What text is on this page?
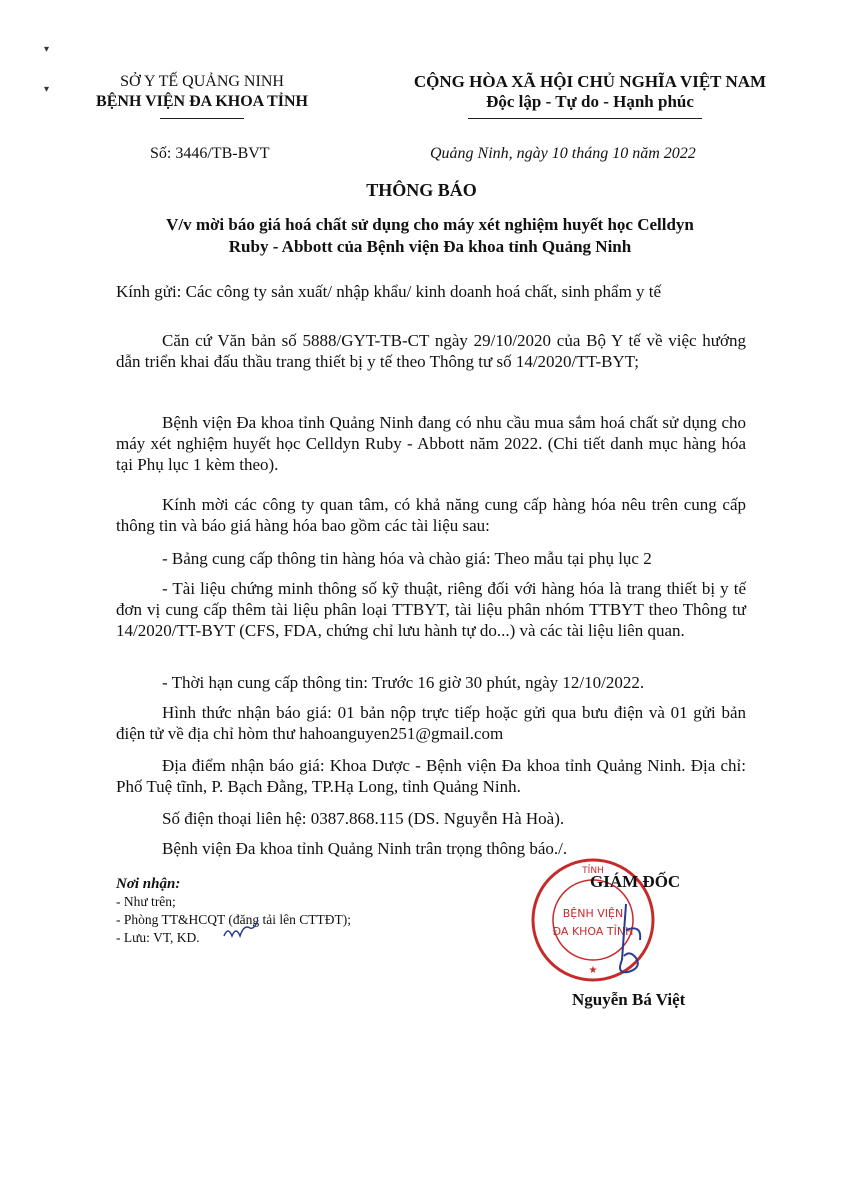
▾
▾	SỞ Y TẾ QUẢNG NINH
BỆNH VIỆN ĐA KHOA TỈNH
CỘNG HÒA XÃ HỘI CHỦ NGHĨA VIỆT NAM
Độc lập - Tự do - Hạnh phúc
Số: 3446/TB-BVT	Quảng Ninh, ngày 10 tháng 10 năm 2022
THÔNG BÁO
V/v mời báo giá hoá chất sử dụng cho máy xét nghiệm huyết học Celldyn Ruby - Abbott của Bệnh viện Đa khoa tỉnh Quảng Ninh
Kính gửi: Các công ty sản xuất/ nhập khẩu/ kinh doanh hoá chất, sinh phẩm y tế

Căn cứ Văn bản số 5888/GYT-TB-CT ngày 29/10/2020 của Bộ Y tế về việc hướng dẫn triển khai đấu thầu trang thiết bị y tế theo Thông tư số 14/2020/TT-BYT;

Bệnh viện Đa khoa tỉnh Quảng Ninh đang có nhu cầu mua sắm hoá chất sử dụng cho máy xét nghiệm huyết học Celldyn Ruby - Abbott năm 2022. (Chi tiết danh mục hàng hóa tại Phụ lục 1 kèm theo).

Kính mời các công ty quan tâm, có khả năng cung cấp hàng hóa nêu trên cung cấp thông tin và báo giá hàng hóa bao gồm các tài liệu sau:

- Bảng cung cấp thông tin hàng hóa và chào giá: Theo mẫu tại phụ lục 2

- Tài liệu chứng minh thông số kỹ thuật, riêng đối với hàng hóa là trang thiết bị y tế đơn vị cung cấp thêm tài liệu phân loại TTBYT, tài liệu phân nhóm TTBYT theo Thông tư 14/2020/TT-BYT (CFS, FDA, chứng chỉ lưu hành tự do...) và các tài liệu liên quan.

- Thời hạn cung cấp thông tin: Trước 16 giờ 30 phút, ngày 12/10/2022.

Hình thức nhận báo giá: 01 bản nộp trực tiếp hoặc gửi qua bưu điện và 01 gửi bản điện tử về địa chỉ hòm thư hahoanguyen251@gmail.com

Địa điểm nhận báo giá: Khoa Dược - Bệnh viện Đa khoa tỉnh Quảng Ninh. Địa chỉ: Phố Tuệ tĩnh, P. Bạch Đằng, TP.Hạ Long, tỉnh Quảng Ninh.

Số điện thoại liên hệ: 0387.868.115 (DS. Nguyễn Hà Hoà).

Bệnh viện Đa khoa tỉnh Quảng Ninh trân trọng thông báo./.

Nơi nhận:
- Như trên;
- Phòng TT&HCQT (đăng tải lên CTTĐT);
- Lưu: VT, KD.
TỈNH
BỆNH VIỆN
ĐA KHOA TỈNH
★
GIÁM ĐỐC
Nguyễn Bá Việt
